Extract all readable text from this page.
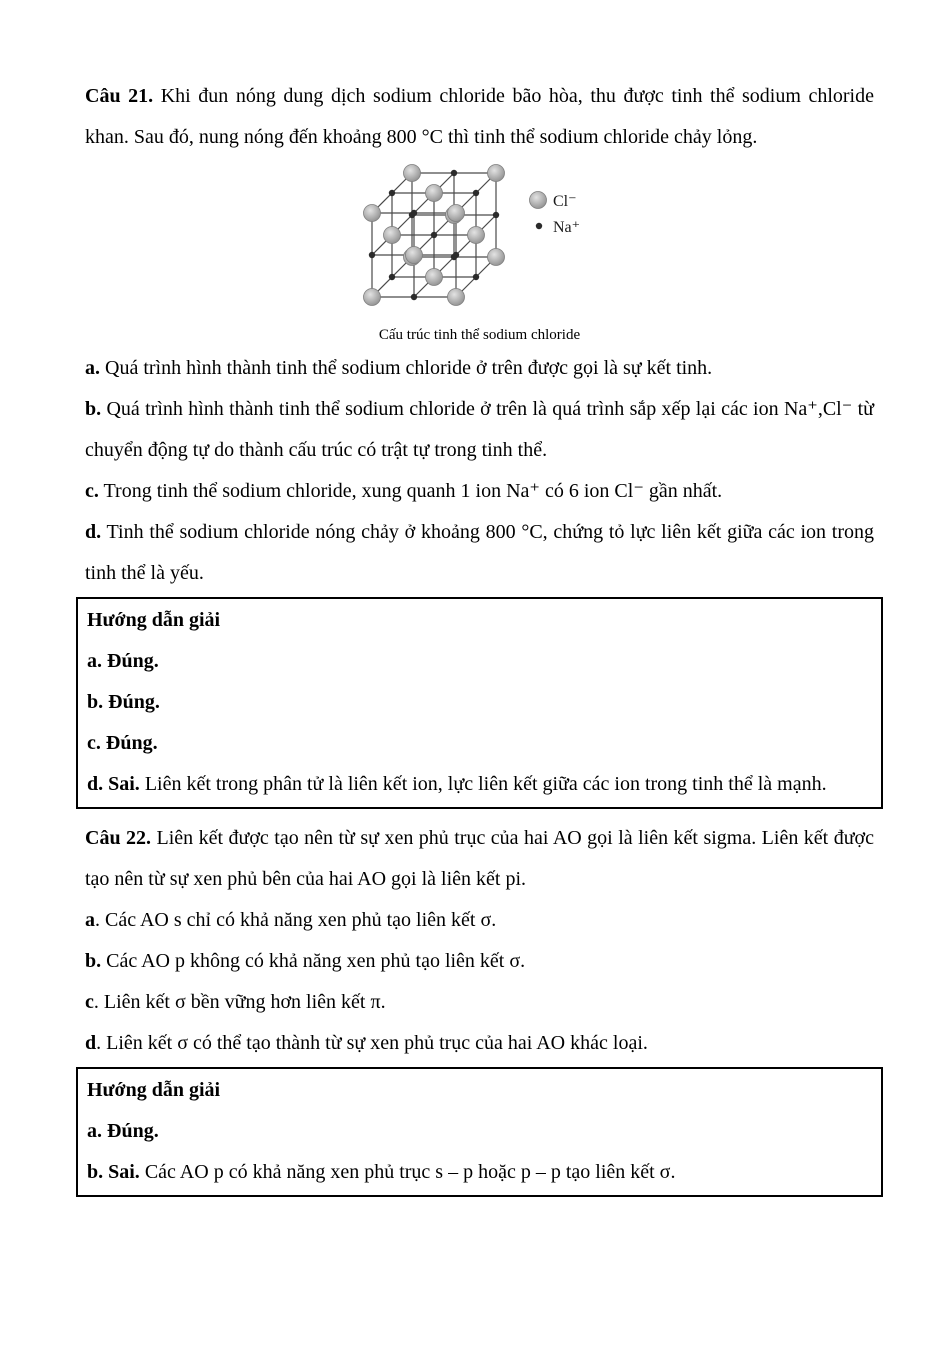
Câu 21. Khi đun nóng dung dịch sodium chloride bão hòa, thu được tinh thể sodium chloride khan. Sau đó, nung nóng đến khoảng 800 °C thì tinh thể sodium chloride chảy lỏng.

Cl⁻
Na⁺
Cấu trúc tinh thể sodium chloride

a. Quá trình hình thành tinh thể sodium chloride ở trên được gọi là sự kết tinh.

b. Quá trình hình thành tinh thể sodium chloride ở trên là quá trình sắp xếp lại các ion Na⁺,Cl⁻ từ chuyển động tự do thành cấu trúc có trật tự trong tinh thể.

c. Trong tinh thể sodium chloride, xung quanh 1 ion Na⁺ có 6 ion Cl⁻ gần nhất.

d. Tinh thể sodium chloride nóng chảy ở khoảng 800 °C, chứng tỏ lực liên kết giữa các ion trong tinh thể là yếu.

Hướng dẫn giải

a. Đúng.

b. Đúng.

c. Đúng.

d. Sai. Liên kết trong phân tử là liên kết ion, lực liên kết giữa các ion trong tinh thể là mạnh.

Câu 22. Liên kết được tạo nên từ sự xen phủ trục của hai AO gọi là liên kết sigma. Liên kết được tạo nên từ sự xen phủ bên của hai AO gọi là liên kết pi.

a. Các AO s chỉ có khả năng xen phủ tạo liên kết σ.

b. Các AO p không có khả năng xen phủ tạo liên kết σ.

c. Liên kết σ bền vững hơn liên kết π.

d. Liên kết σ có thể tạo thành từ sự xen phủ trục của hai AO khác loại.

Hướng dẫn giải

a. Đúng.

b. Sai. Các AO p có khả năng xen phủ trục s – p hoặc p – p tạo liên kết σ.
